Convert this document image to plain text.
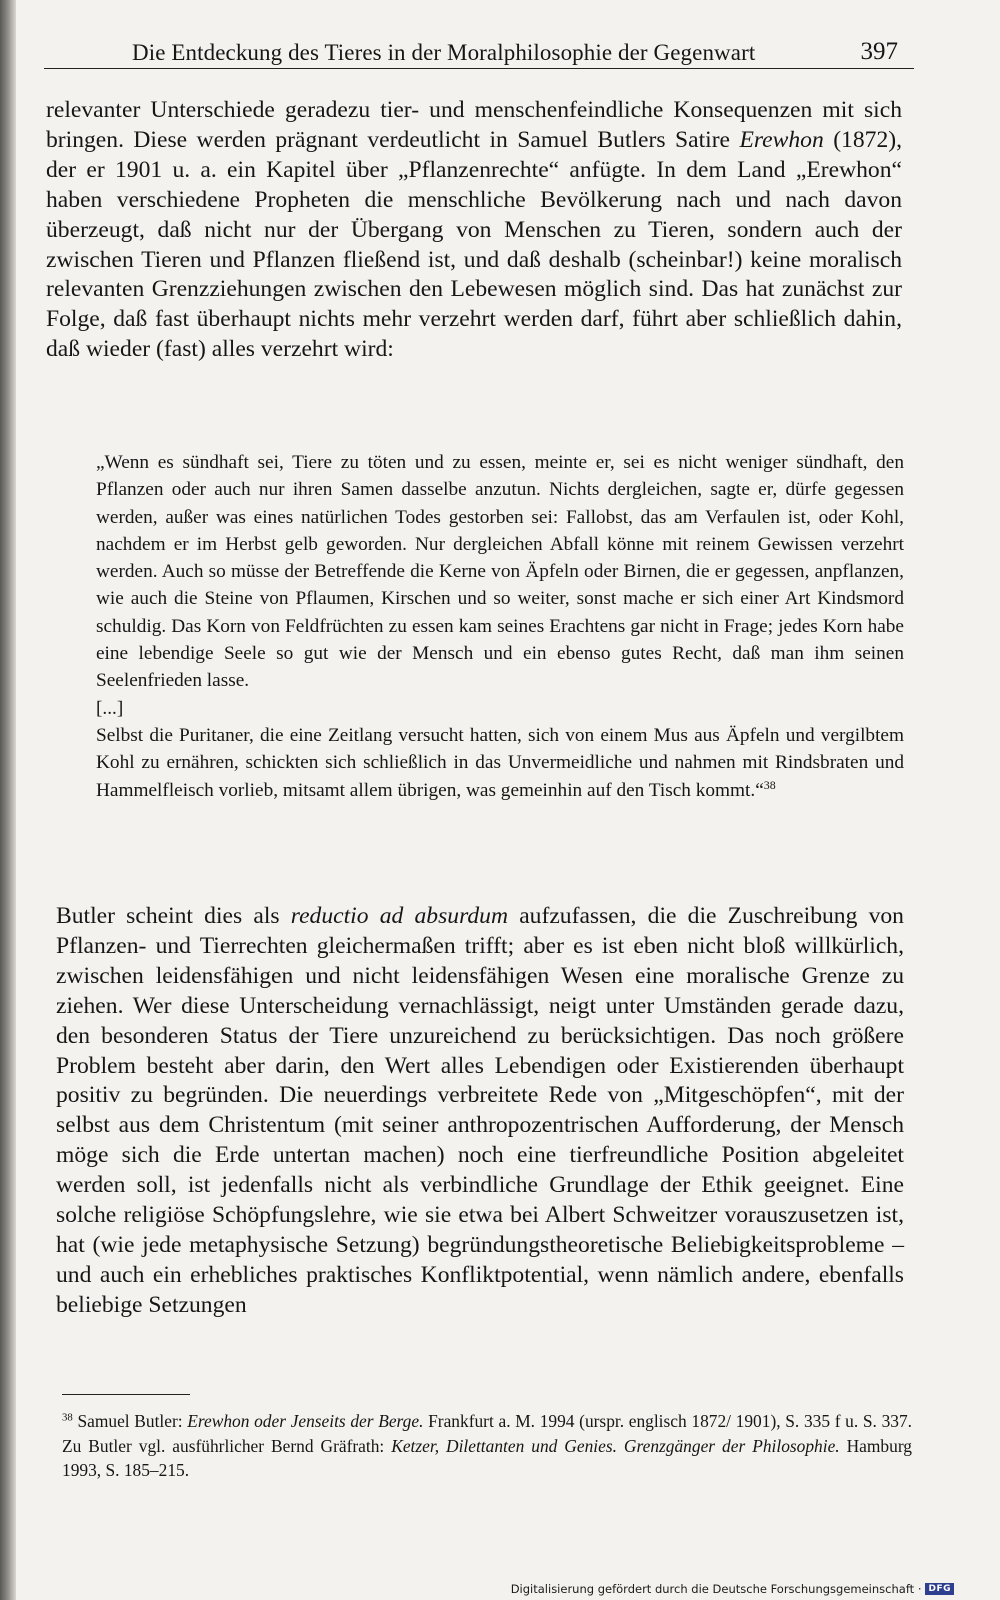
Die Entdeckung des Tieres in der Moralphilosophie der Gegenwart	397

relevanter Unterschiede geradezu tier- und menschenfeindliche Konsequenzen mit sich bringen. Diese werden prägnant verdeutlicht in Samuel Butlers Satire Erewhon (1872), der er 1901 u. a. ein Kapitel über „Pflanzenrechte“ anfügte. In dem Land „Erewhon“ haben verschiedene Propheten die menschliche Bevölkerung nach und nach davon überzeugt, daß nicht nur der Übergang von Menschen zu Tieren, sondern auch der zwischen Tieren und Pflanzen fließend ist, und daß deshalb (scheinbar!) keine moralisch relevanten Grenzziehungen zwischen den Lebewesen möglich sind. Das hat zunächst zur Folge, daß fast überhaupt nichts mehr verzehrt werden darf, führt aber schließlich dahin, daß wieder (fast) alles verzehrt wird:

„Wenn es sündhaft sei, Tiere zu töten und zu essen, meinte er, sei es nicht weniger sündhaft, den Pflanzen oder auch nur ihren Samen dasselbe anzutun. Nichts dergleichen, sagte er, dürfe gegessen werden, außer was eines natürlichen Todes gestorben sei: Fallobst, das am Verfaulen ist, oder Kohl, nachdem er im Herbst gelb geworden. Nur dergleichen Abfall könne mit reinem Gewissen verzehrt werden. Auch so müsse der Betreffende die Kerne von Äpfeln oder Birnen, die er gegessen, anpflanzen, wie auch die Steine von Pflaumen, Kirschen und so weiter, sonst mache er sich einer Art Kindsmord schuldig. Das Korn von Feldfrüchten zu essen kam seines Erachtens gar nicht in Frage; jedes Korn habe eine lebendige Seele so gut wie der Mensch und ein ebenso gutes Recht, daß man ihm seinen Seelenfrieden lasse.

[...]

Selbst die Puritaner, die eine Zeitlang versucht hatten, sich von einem Mus aus Äpfeln und vergilbtem Kohl zu ernähren, schickten sich schließlich in das Unvermeidliche und nahmen mit Rindsbraten und Hammelfleisch vorlieb, mitsamt allem übrigen, was gemeinhin auf den Tisch kommt.“$^{38}$

Butler scheint dies als reductio ad absurdum aufzufassen, die die Zuschreibung von Pflanzen- und Tierrechten gleichermaßen trifft; aber es ist eben nicht bloß willkürlich, zwischen leidensfähigen und nicht leidensfähigen Wesen eine moralische Grenze zu ziehen. Wer diese Unterscheidung vernachlässigt, neigt unter Umständen gerade dazu, den besonderen Status der Tiere unzureichend zu berücksichtigen. Das noch größere Problem besteht aber darin, den Wert alles Lebendigen oder Existierenden überhaupt positiv zu begründen. Die neuerdings verbreitete Rede von „Mitgeschöpfen“, mit der selbst aus dem Christentum (mit seiner anthropozentrischen Aufforderung, der Mensch möge sich die Erde untertan machen) noch eine tierfreundliche Position abgeleitet werden soll, ist jedenfalls nicht als verbindliche Grundlage der Ethik geeignet. Eine solche religiöse Schöpfungslehre, wie sie etwa bei Albert Schweitzer vorauszusetzen ist, hat (wie jede metaphysische Setzung) begründungstheoretische Beliebigkeitsprobleme – und auch ein erhebliches praktisches Konfliktpotential, wenn nämlich andere, ebenfalls beliebige Setzungen

$^{38}$ Samuel Butler: Erewhon oder Jenseits der Berge. Frankfurt a. M. 1994 (urspr. englisch 1872/ 1901), S. 335 f u. S. 337. Zu Butler vgl. ausführlicher Bernd Gräfrath: Ketzer, Dilettanten und Genies. Grenzgänger der Philosophie. Hamburg 1993, S. 185–215.

Digitalisierung gefördert durch die Deutsche Forschungsgemeinschaft · DFG
